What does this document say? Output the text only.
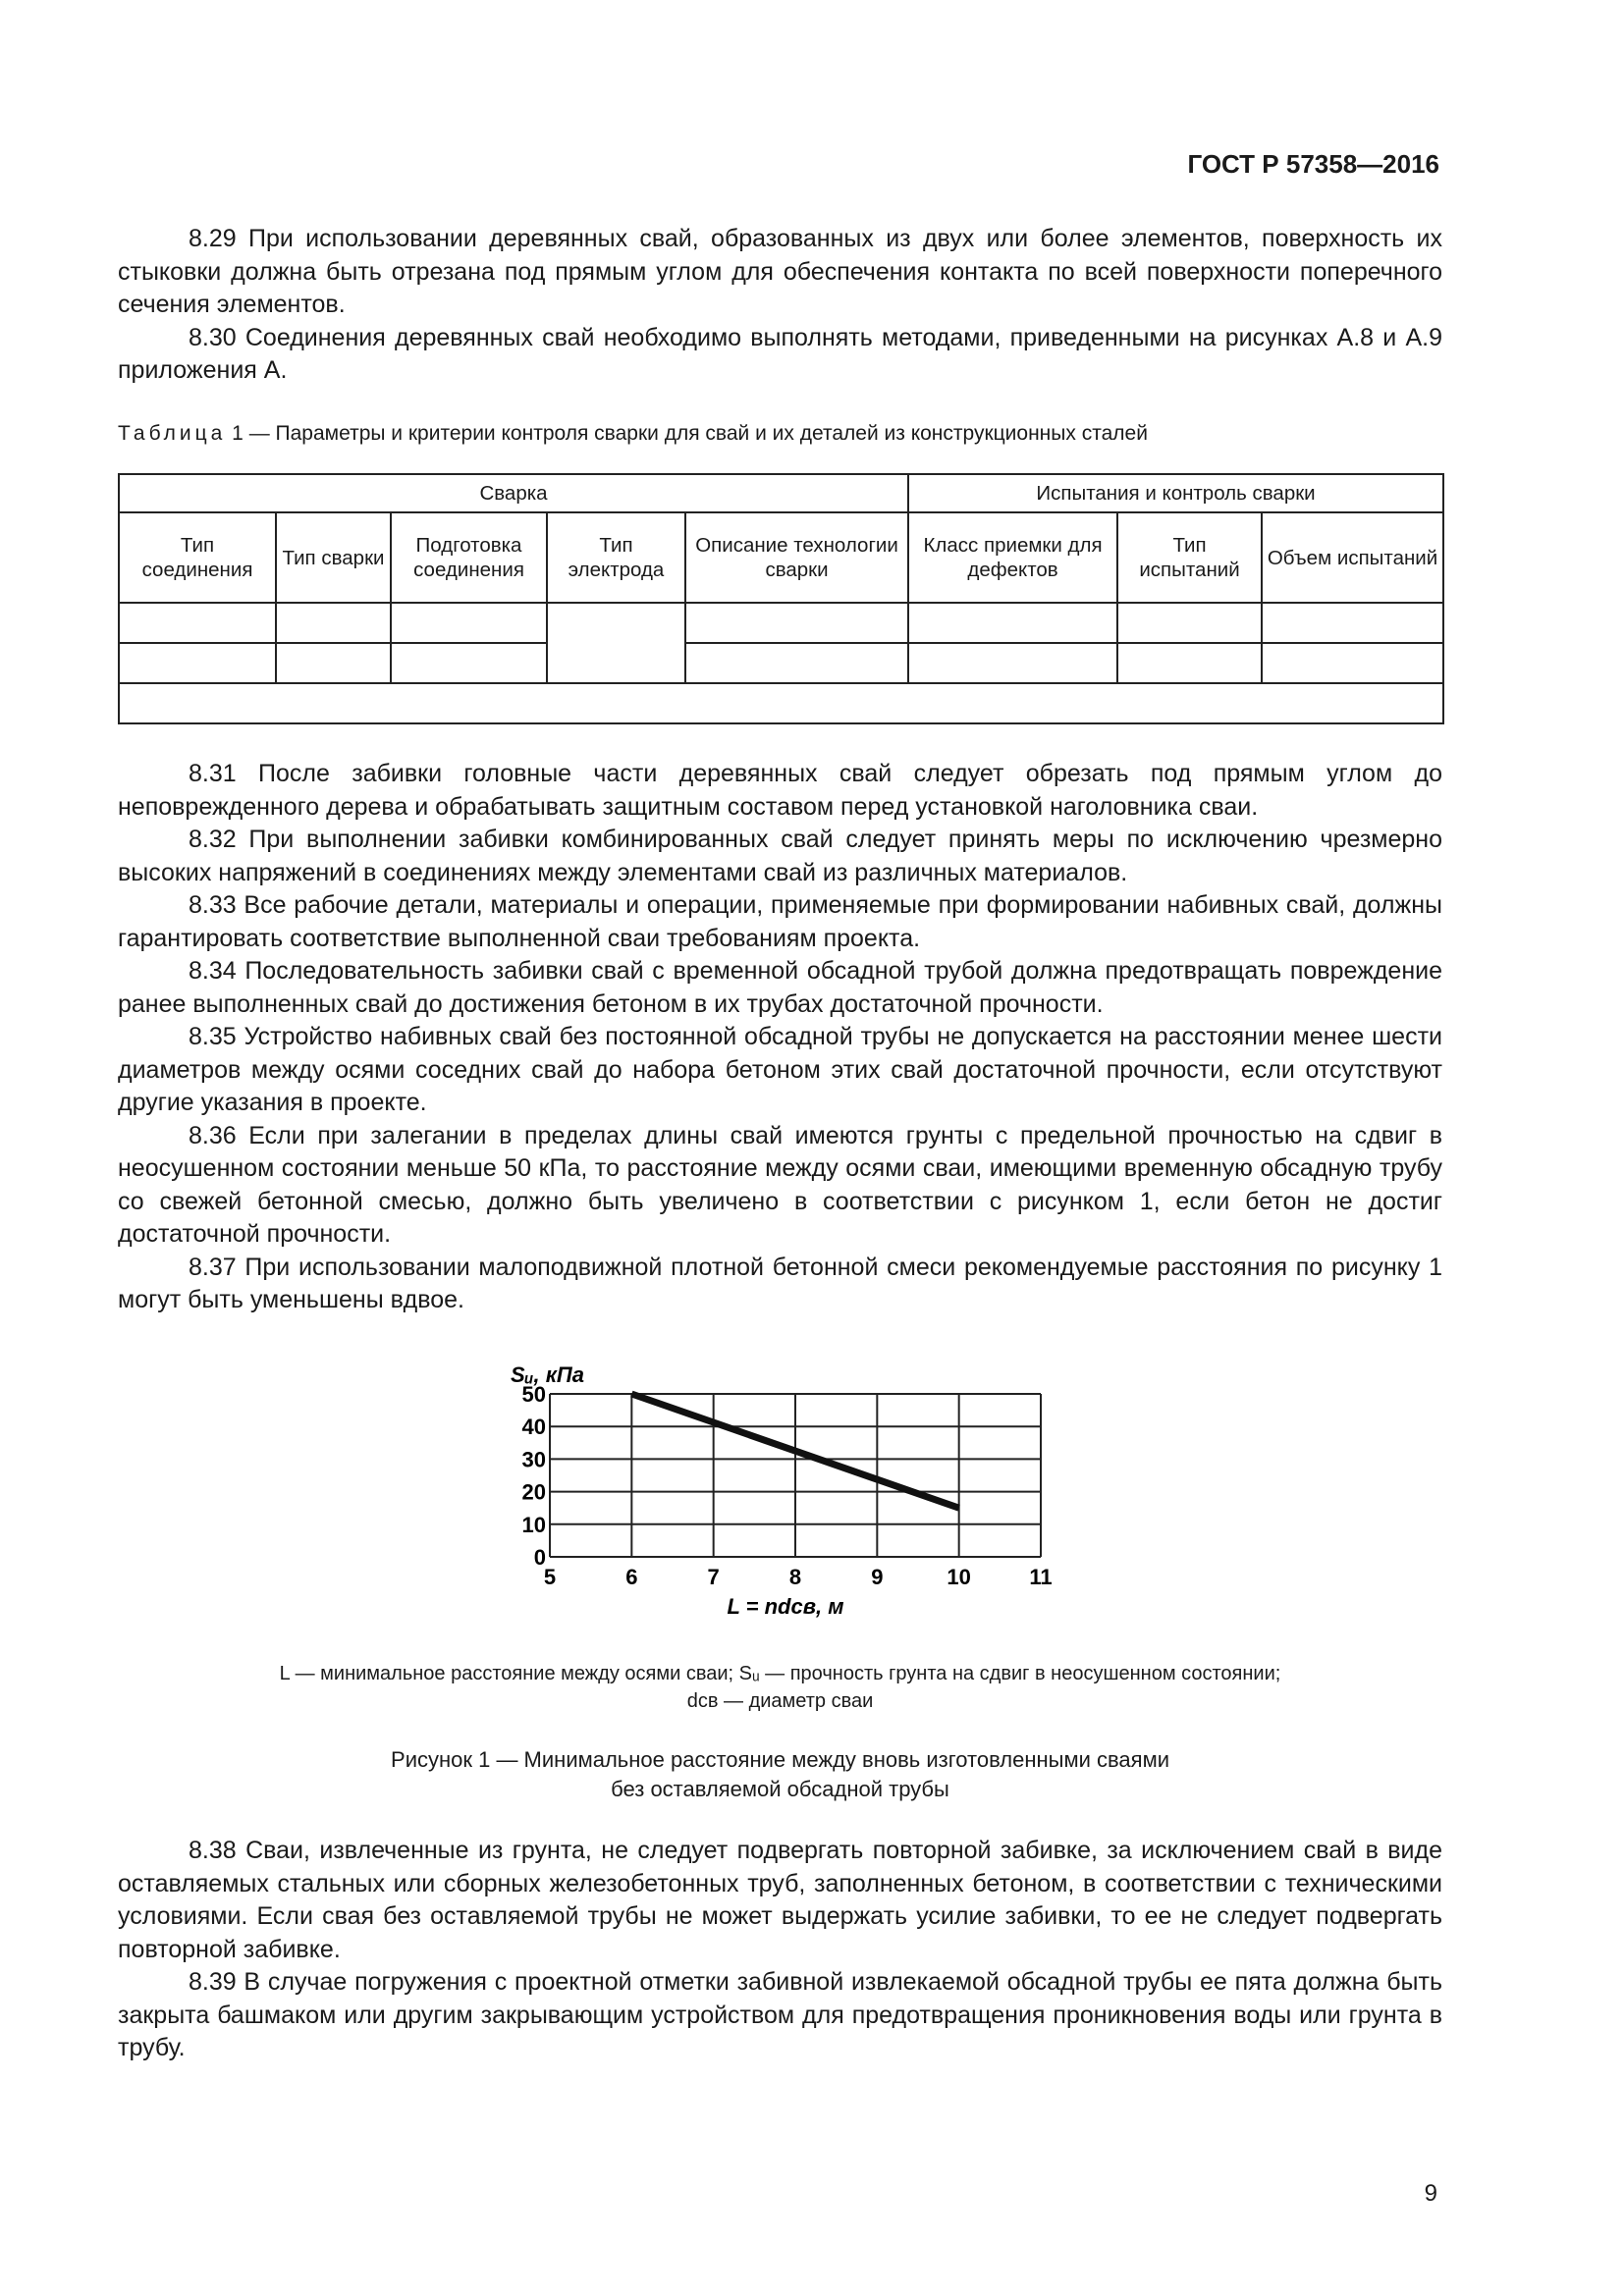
ГОСТ Р 57358—2016

8.29 При использовании деревянных свай, образованных из двух или более элементов, поверхность их стыковки должна быть отрезана под прямым углом для обеспечения контакта по всей поверхности поперечного сечения элементов.

8.30 Соединения деревянных свай необходимо выполнять методами, приведенными на рисунках А.8 и А.9 приложения А.

Таблица 1 — Параметры и критерии контроля сварки для свай и их деталей из конструкционных сталей
Сварка					Испытания и контроль сварки		
Тип соединения	Тип сварки	Подготовка соединения	Тип электрода	Описание технологии сварки	Класс приемки для дефектов	Тип испытаний	Объем испытаний

8.31 После забивки головные части деревянных свай следует обрезать под прямым углом до неповрежденного дерева и обрабатывать защитным составом перед установкой наголовника сваи.

8.32 При выполнении забивки комбинированных свай следует принять меры по исключению чрезмерно высоких напряжений в соединениях между элементами свай из различных материалов.

8.33 Все рабочие детали, материалы и операции, применяемые при формировании набивных свай, должны гарантировать соответствие выполненной сваи требованиям проекта.

8.34 Последовательность забивки свай с временной обсадной трубой должна предотвращать повреждение ранее выполненных свай до достижения бетоном в их трубах достаточной прочности.

8.35 Устройство набивных свай без постоянной обсадной трубы не допускается на расстоянии менее шести диаметров между осями соседних свай до набора бетоном этих свай достаточной прочности, если отсутствуют другие указания в проекте.

8.36 Если при залегании в пределах длины свай имеются грунты с предельной прочностью на сдвиг в неосушенном состоянии меньше 50 кПа, то расстояние между осями сваи, имеющими временную обсадную трубу со свежей бетонной смесью, должно быть увеличено в соответствии с рисунком 1, если бетон не достиг достаточной прочности.

8.37 При использовании малоподвижной плотной бетонной смеси рекомендуемые расстояния по рисунку 1 могут быть уменьшены вдвое.

5	6	7	8	9	10	11
0
10
20
30
40
50
Sᵤ, кПа
L = ndсв, м
L — минимальное расстояние между осями сваи; Sᵤ — прочность грунта на сдвиг в неосушенном состоянии;
dсв — диаметр сваи
Рисунок 1 — Минимальное расстояние между вновь изготовленными сваями
без оставляемой обсадной трубы

8.38 Сваи, извлеченные из грунта, не следует подвергать повторной забивке, за исключением свай в виде оставляемых стальных или сборных железобетонных труб, заполненных бетоном, в соответствии с техническими условиями. Если свая без оставляемой трубы не может выдержать усилие забивки, то ее не следует подвергать повторной забивке.

8.39 В случае погружения с проектной отметки забивной извлекаемой обсадной трубы ее пята должна быть закрыта башмаком или другим закрывающим устройством для предотвращения проникновения воды или грунта в трубу.

9
